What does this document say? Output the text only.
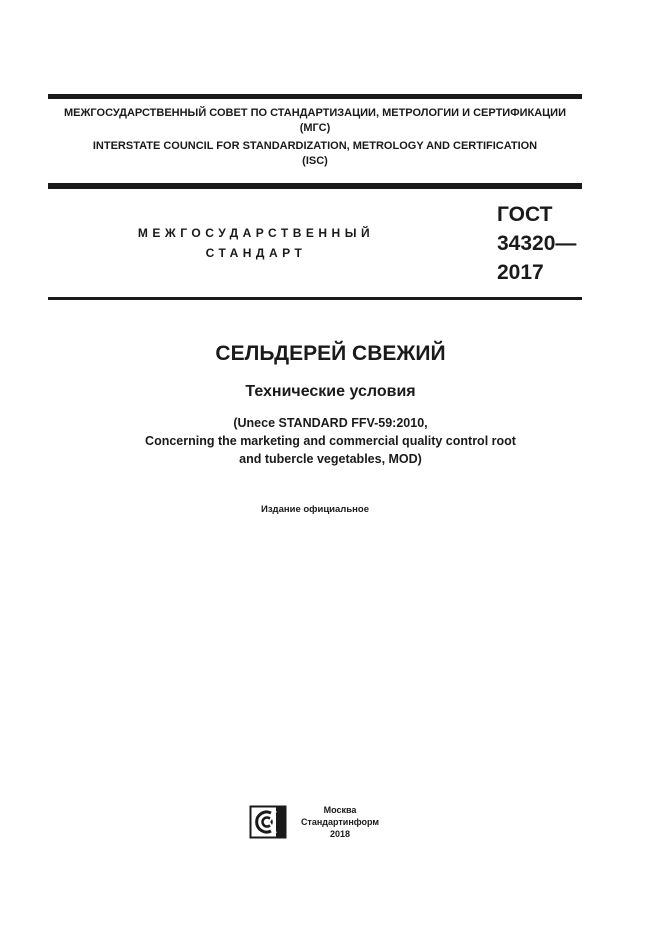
МЕЖГОСУДАРСТВЕННЫЙ СОВЕТ ПО СТАНДАРТИЗАЦИИ, МЕТРОЛОГИИ И СЕРТИФИКАЦИИ
(МГС)
INTERSTATE COUNCIL FOR STANDARDIZATION, METROLOGY AND CERTIFICATION
(ISC)
МЕЖГОСУДАРСТВЕННЫЙ
СТАНДАРТ
ГОСТ
34320—
2017
СЕЛЬДЕРЕЙ СВЕЖИЙ
Технические условия
(Unece STANDARD FFV-59:2010,
Concerning the marketing and commercial quality control root
and tubercle vegetables, MOD)
Издание официальное
Москва
Стандартинформ
2018
